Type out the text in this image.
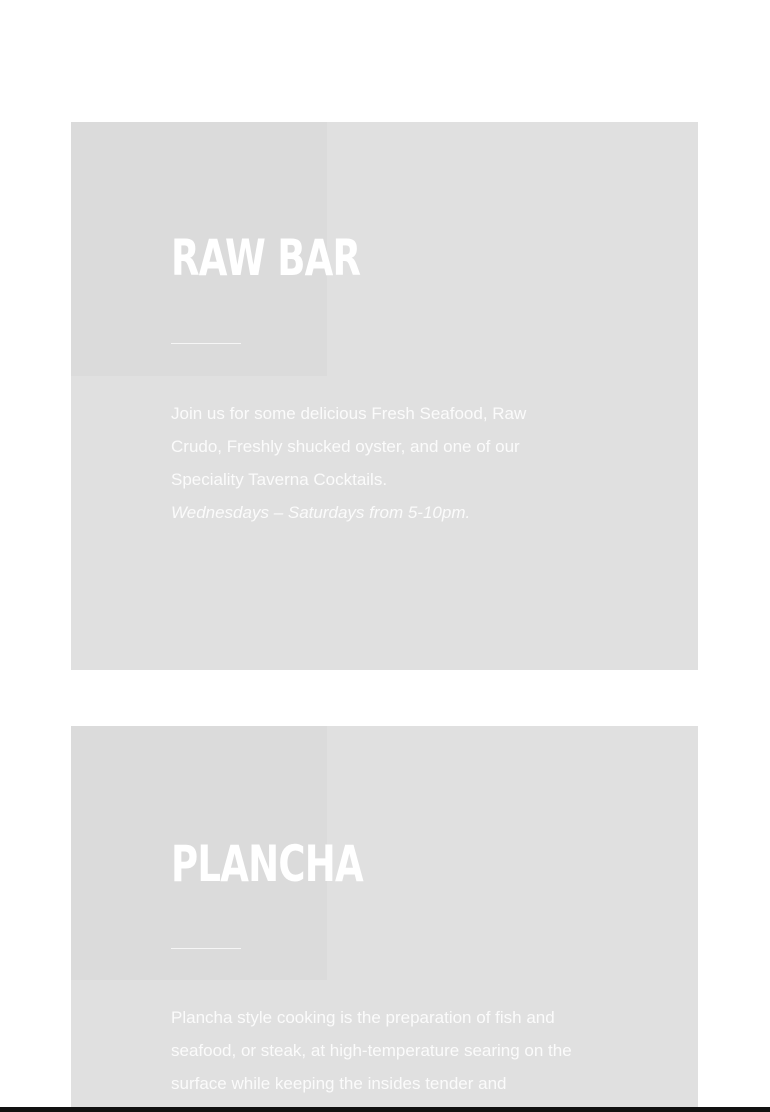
RAW BAR

Join us for some delicious Fresh Seafood, Raw Crudo, Freshly shucked oyster, and one of our Speciality Taverna Cocktails.

Wednesdays – Saturdays from 5-10pm.

PLANCHA

Plancha style cooking is the preparation of fish and seafood, or steak, at high-temperature searing on the surface while keeping the insides tender and
